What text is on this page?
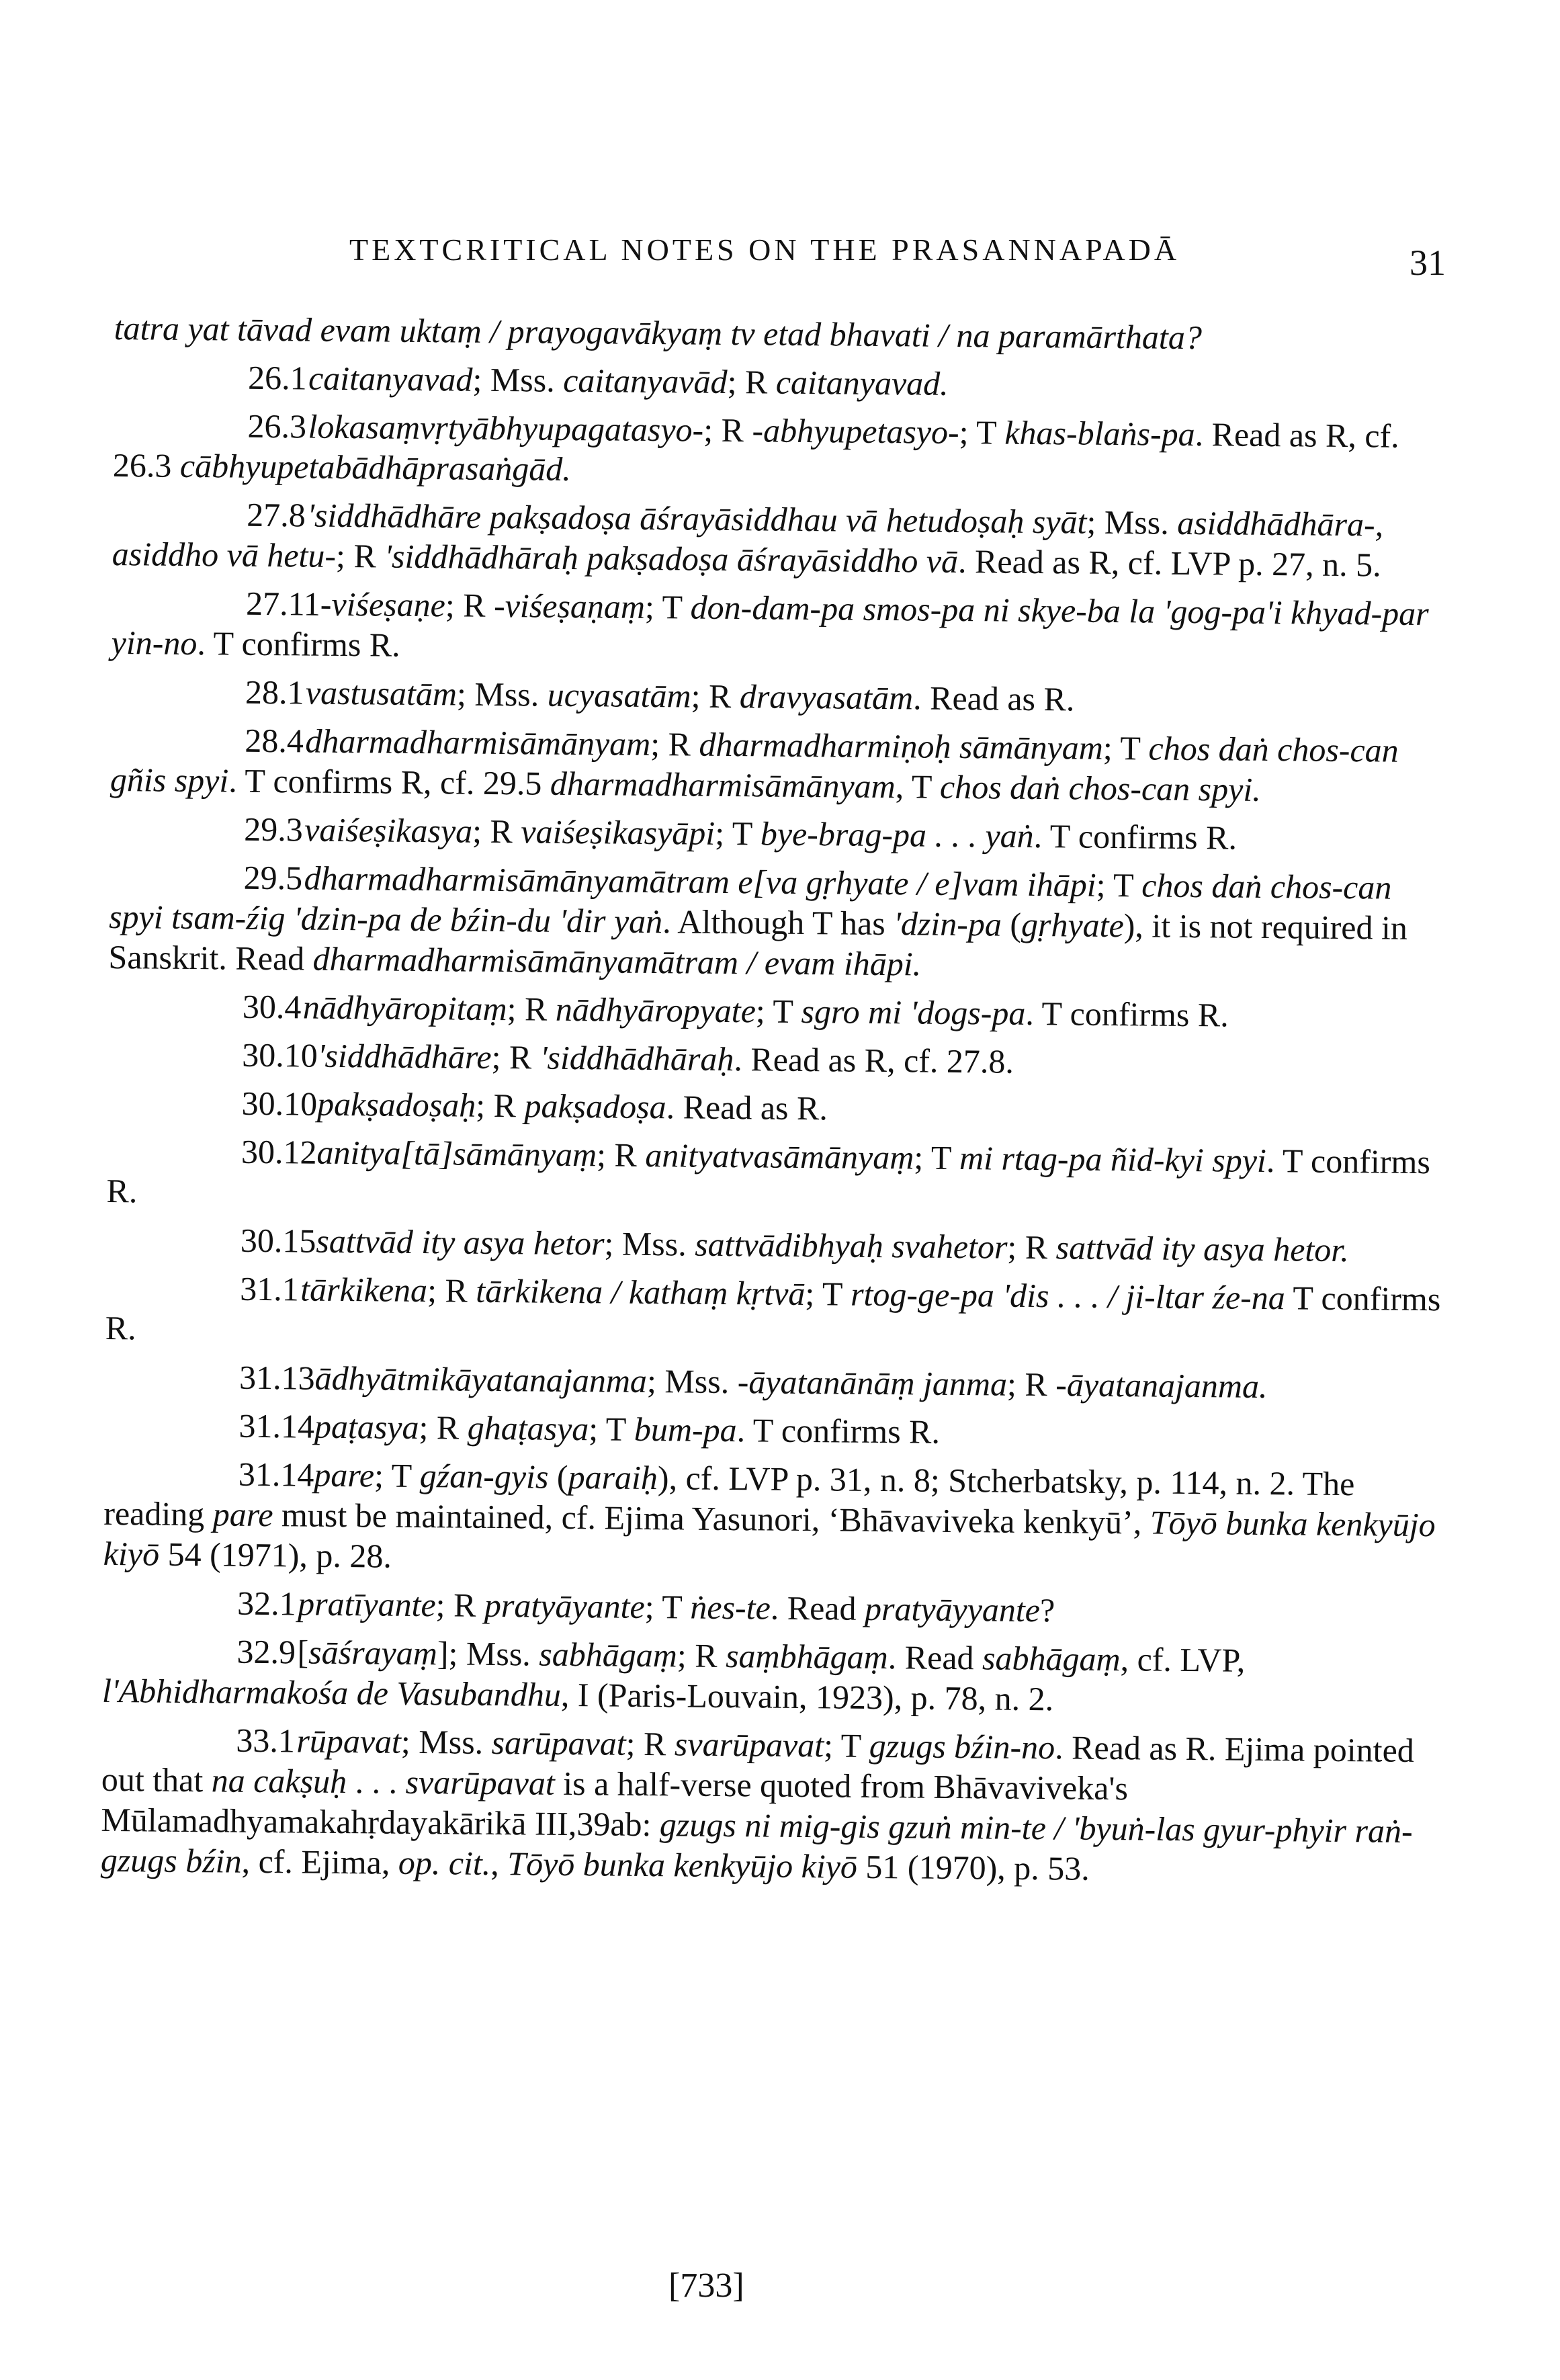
TEXTCRITICAL NOTES ON THE PRASANNAPADĀ	31
tatra yat tāvad evam uktaṃ / prayogavākyaṃ tv etad bhavati / na paramārthata?
26.1caitanyavad; Mss. caitanyavād; R caitanyavad.
26.3lokasaṃvṛtyābhyupagatasyo-; R -abhyupetasyo-; T khas-blaṅs-pa. Read as R, cf. 26.3 cābhyupetabādhāprasaṅgād.
27.8'siddhādhāre pakṣadoṣa āśrayāsiddhau vā hetudoṣaḥ syāt; Mss. asiddhādhāra-, asiddho vā hetu-; R 'siddhādhāraḥ pakṣadoṣa āśrayāsiddho vā. Read as R, cf. LVP p. 27, n. 5.
27.11-viśeṣaṇe; R -viśeṣaṇaṃ; T don-dam-pa smos-pa ni skye-ba la 'gog-pa'i khyad-par yin-no. T confirms R.
28.1vastusatām; Mss. ucyasatām; R dravyasatām. Read as R.
28.4dharmadharmisāmānyam; R dharmadharmiṇoḥ sāmānyam; T chos daṅ chos-can gñis spyi. T confirms R, cf. 29.5 dharmadharmisāmānyam, T chos daṅ chos-can spyi.
29.3vaiśeṣikasya; R vaiśeṣikasyāpi; T bye-brag-pa . . . yaṅ. T confirms R.
29.5dharmadharmisāmānyamātram e[va gṛhyate / e]vam ihāpi; T chos daṅ chos-can spyi tsam-źig 'dzin-pa de bźin-du 'dir yaṅ. Although T has 'dzin-pa (gṛhyate), it is not required in Sanskrit. Read dharmadharmisāmānyamātram / evam ihāpi.
30.4nādhyāropitaṃ; R nādhyāropyate; T sgro mi 'dogs-pa. T confirms R.
30.10'siddhādhāre; R 'siddhādhāraḥ. Read as R, cf. 27.8.
30.10pakṣadoṣaḥ; R pakṣadoṣa. Read as R.
30.12anitya[tā]sāmānyaṃ; R anityatvasāmānyaṃ; T mi rtag-pa ñid-kyi spyi. T confirms R.
30.15sattvād ity asya hetor; Mss. sattvādibhyaḥ svahetor; R sattvād ity asya hetor.
31.1tārkikena; R tārkikena / kathaṃ kṛtvā; T rtog-ge-pa 'dis . . . / ji-ltar źe-na T confirms R.
31.13ādhyātmikāyatanajanma; Mss. -āyatanānāṃ janma; R -āyatanajanma.
31.14paṭasya; R ghaṭasya; T bum-pa. T confirms R.
31.14pare; T gźan-gyis (paraiḥ), cf. LVP p. 31, n. 8; Stcherbatsky, p. 114, n. 2. The reading pare must be maintained, cf. Ejima Yasunori, ‘Bhāvaviveka kenkyū’, Tōyō bunka kenkyūjo kiyō 54 (1971), p. 28.
32.1pratīyante; R pratyāyante; T ṅes-te. Read pratyāyyante?
32.9[sāśrayaṃ]; Mss. sabhāgaṃ; R saṃbhāgaṃ. Read sabhāgaṃ, cf. LVP, l'Abhidharmakośa de Vasubandhu, I (Paris-Louvain, 1923), p. 78, n. 2.
33.1rūpavat; Mss. sarūpavat; R svarūpavat; T gzugs bźin-no. Read as R. Ejima pointed out that na cakṣuḥ . . . svarūpavat is a half-verse quoted from Bhāvaviveka's Mūlamadhyamakahṛdayakārikā III,39ab: gzugs ni mig-gis gzuṅ min-te / 'byuṅ-las gyur-phyir raṅ-gzugs bźin, cf. Ejima, op. cit., Tōyō bunka kenkyūjo kiyō 51 (1970), p. 53.
[733]
